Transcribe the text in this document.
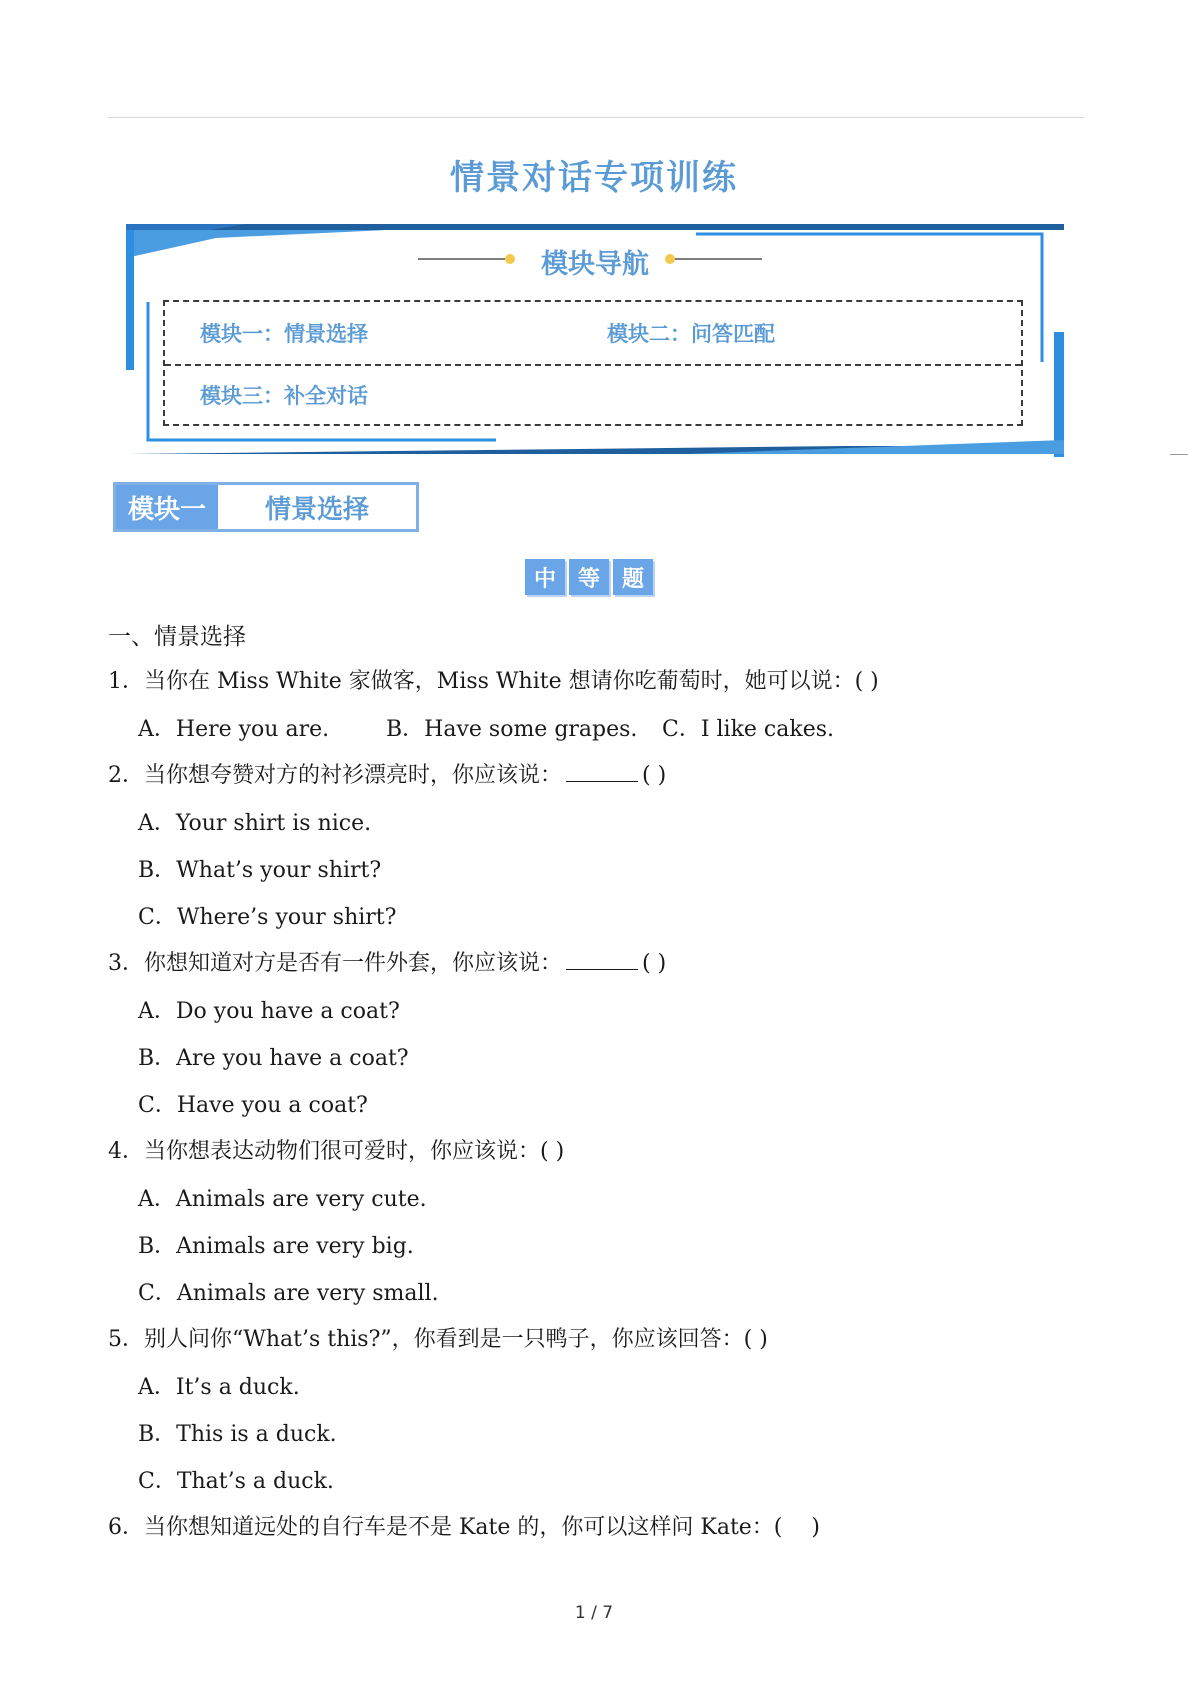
情景对话专项训练
模块导航
模块一：情景选择	模块二：问答匹配
模块三：补全对话
模块一	情景选择
中 等 题
一、情景选择
1．当你在 Miss White 家做客，Miss White 想请你吃葡萄时，她可以说：( )
A．Here you are.	B．Have some grapes.	C．I like cakes.
2．当你想夸赞对方的衬衫漂亮时，你应该说：	( )
A．Your shirt is nice.
B．What’s your shirt?
C．Where’s your shirt?
3．你想知道对方是否有一件外套，你应该说：	( )
A．Do you have a coat?
B．Are you have a coat?
C．Have you a coat?
4．当你想表达动物们很可爱时，你应该说：( )
A．Animals are very cute.
B．Animals are very big.
C．Animals are very small.
5．别人问你“What’s this?”，你看到是一只鸭子，你应该回答：( )
A．It’s a duck.
B．This is a duck.
C．That’s a duck.
6．当你想知道远处的自行车是不是 Kate 的，你可以这样问 Kate：(　 )
1 / 7
